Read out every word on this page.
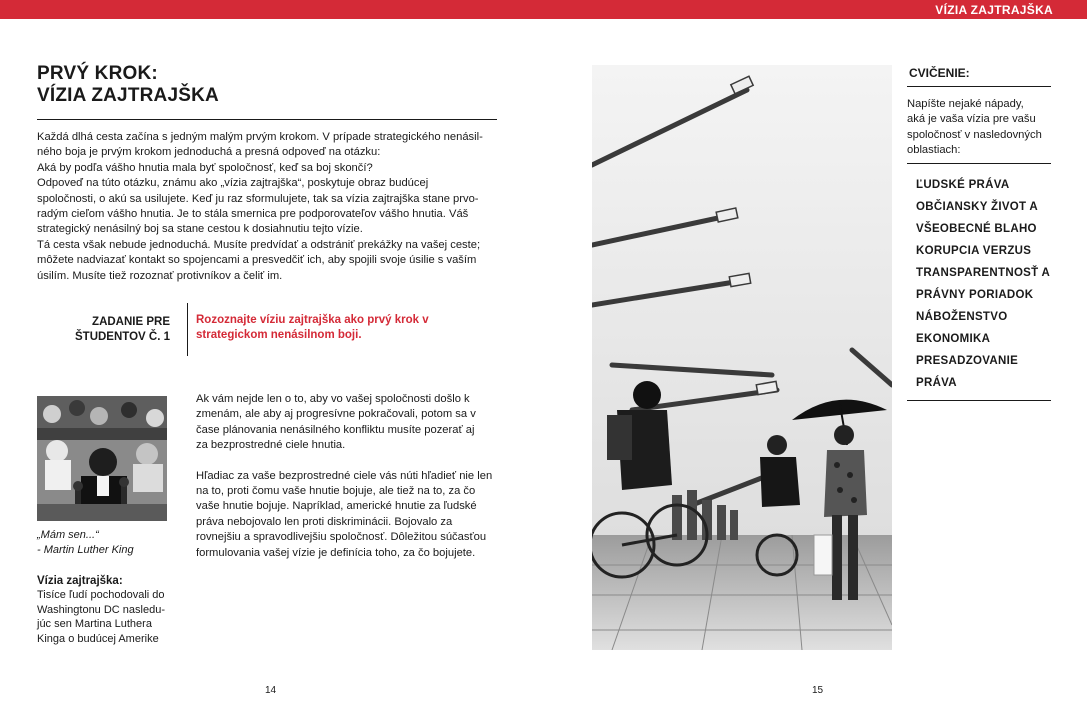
VÍZIA ZAJTRAJŠKA
PRVÝ KROK:
VÍZIA ZAJTRAJŠKA

Každá dlhá cesta začína s jedným malým prvým krokom. V prípade strategického nenásil-

ného boja je prvým krokom jednoduchá a presná odpoveď na otázku:

Aká by podľa vášho hnutia mala byť spoločnosť, keď sa boj skončí?

Odpoveď na túto otázku, známu ako „vízia zajtrajška“, poskytuje obraz budúcej

spoločnosti, o akú sa usilujete. Keď ju raz sformulujete, tak sa vízia zajtrajška stane prvo-

radým cieľom vášho hnutia. Je to stála smernica pre podporovateľov vášho hnutia. Váš

strategický nenásilný boj sa stane cestou k dosiahnutiu tejto vízie.

Tá cesta však nebude jednoduchá. Musíte predvídať a odstrániť prekážky na vašej ceste;

môžete nadviazať kontakt so spojencami a presvedčiť ich, aby spojili svoje úsilie s vaším

úsilím. Musíte tiež rozoznať protivníkov a čeliť im.

ZADANIE PRE
ŠTUDENTOV Č. 1
Rozoznajte víziu zajtrajška ako prvý krok v
strategickom nenásilnom boji.
„Mám sen...“
- Martin Luther King
Vízia zajtrajška:
Tisíce ľudí pochodovali do
Washingtonu DC nasledu-
júc sen Martina Luthera
Kinga o budúcej Amerike

Ak vám nejde len o to, aby vo vašej spoločnosti došlo k
zmenám, ale aby aj progresívne pokračovali, potom sa v
čase plánovania nenásilného konfliktu musíte pozerať aj
za bezprostredné ciele hnutia.

Hľadiac za vaše bezprostredné ciele vás núti hľadieť nie len
na to, proti čomu vaše hnutie bojuje, ale tiež na to, za čo
vaše hnutie bojuje. Napríklad, americké hnutie za ľudské
práva nebojovalo len proti diskriminácii. Bojovalo za
rovnejšiu a spravodlivejšiu spoločnosť. Dôležitou súčasťou
formulovania vašej vízie je definícia toho, za čo bojujete.

14
CVIČENIE:
Napíšte nejaké nápady,
aká je vaša vízia pre vašu
spoločnosť v nasledovných
oblastiach:
ĽUDSKÉ PRÁVA
OBČIANSKY ŽIVOT A
VŠEOBECNÉ BLAHO
KORUPCIA VERZUS
TRANSPARENTNOSŤ A
PRÁVNY PORIADOK
NÁBOŽENSTVO
EKONOMIKA
PRESADZOVANIE
PRÁVA
15
